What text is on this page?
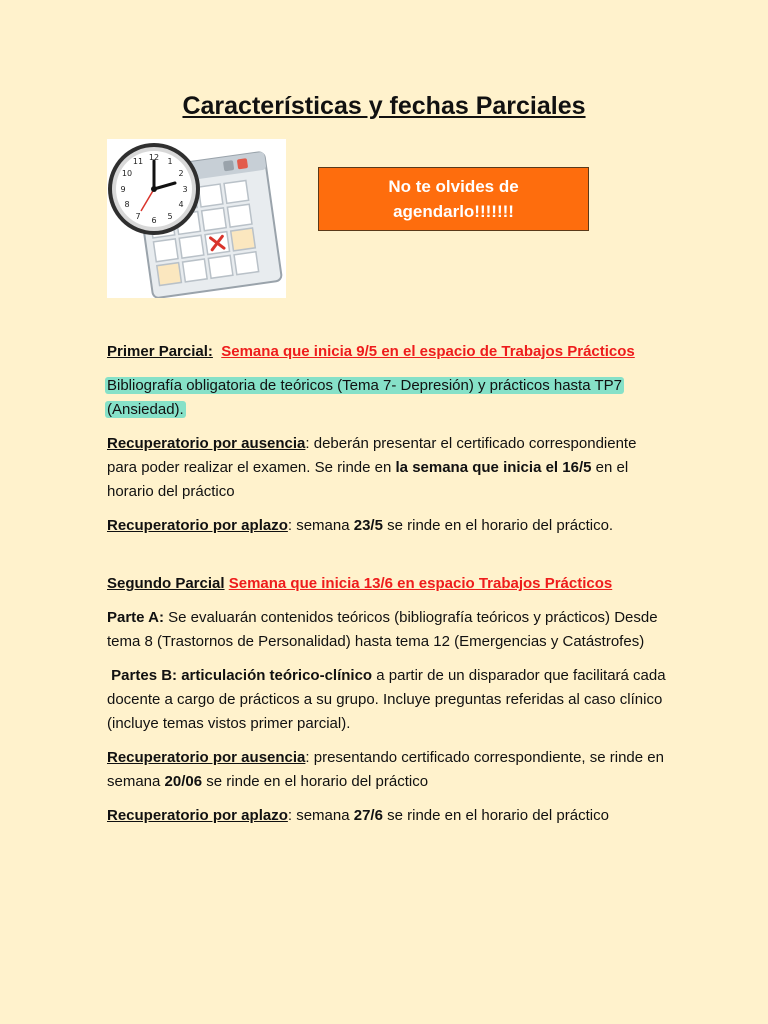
Características y fechas Parciales
12 1
2
3
4
5
6
7
8
9
10
11
No te olvides de
agendarlo!!!!!!!

Primer Parcial: Semana que inicia 9/5 en el espacio de Trabajos Prácticos

Bibliografía obligatoria de teóricos (Tema 7- Depresión) y prácticos hasta TP7 (Ansiedad).

Recuperatorio por ausencia: deberán presentar el certificado correspondiente para poder realizar el examen. Se rinde en la semana que inicia el 16/5 en el horario del práctico

Recuperatorio por aplazo: semana 23/5 se rinde en el horario del práctico.

Segundo Parcial Semana que inicia 13/6 en espacio Trabajos Prácticos

Parte A: Se evaluarán contenidos teóricos (bibliografía teóricos y prácticos) Desde tema 8 (Trastornos de Personalidad) hasta tema 12 (Emergencias y Catástrofes)

Partes B: articulación teórico-clínico a partir de un disparador que facilitará cada docente a cargo de prácticos a su grupo. Incluye preguntas referidas al caso clínico (incluye temas vistos primer parcial).

Recuperatorio por ausencia: presentando certificado correspondiente, se rinde en semana 20/06 se rinde en el horario del práctico

Recuperatorio por aplazo: semana 27/6 se rinde en el horario del práctico
